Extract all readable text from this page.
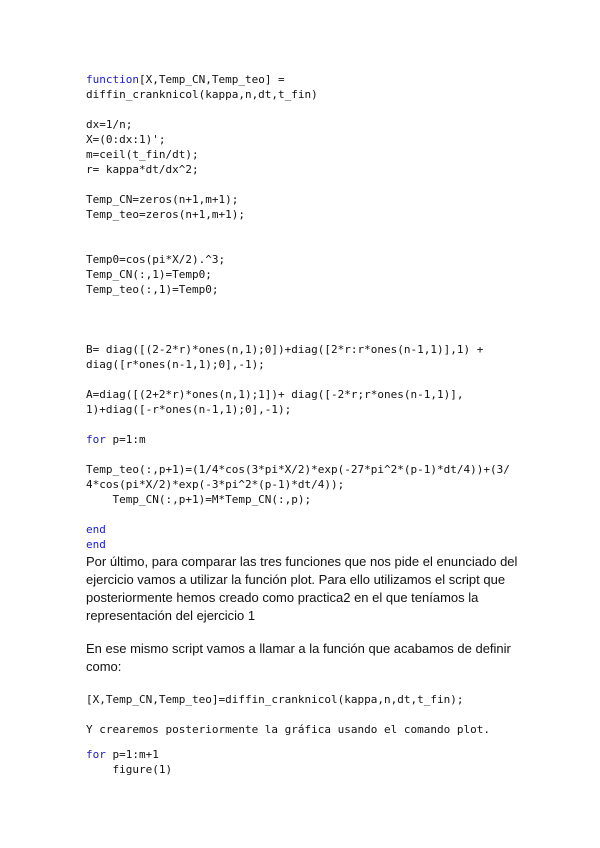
function[X,Temp_CN,Temp_teo] =
diffin_cranknicol(kappa,n,dt,t_fin)
dx=1/n;
X=(0:dx:1)';
m=ceil(t_fin/dt);
r= kappa*dt/dx^2;
Temp_CN=zeros(n+1,m+1);
Temp_teo=zeros(n+1,m+1);
Temp0=cos(pi*X/2).^3;
Temp_CN(:,1)=Temp0;
Temp_teo(:,1)=Temp0;
B= diag([(2-2*r)*ones(n,1);0])+diag([2*r:r*ones(n-1,1)],1) +
diag([r*ones(n-1,1);0],-1);
A=diag([(2+2*r)*ones(n,1);1])+ diag([-2*r;r*ones(n-1,1)],
1)+diag([-r*ones(n-1,1);0],-1);
for p=1:m
Temp_teo(:,p+1)=(1/4*cos(3*pi*X/2)*exp(-27*pi^2*(p-1)*dt/4))+(3/
4*cos(pi*X/2)*exp(-3*pi^2*(p-1)*dt/4));
Temp_CN(:,p+1)=M*Temp_CN(:,p);
end
end

Por último, para comparar las tres funciones que nos pide el enunciado del ejercicio vamos a utilizar la función plot. Para ello utilizamos el script que posteriormente hemos creado como practica2 en el que teníamos la representación del ejercicio 1

En ese mismo script vamos a llamar a la función que acabamos de definir como:

[X,Temp_CN,Temp_teo]=diffin_cranknicol(kappa,n,dt,t_fin);
Y crearemos posteriormente la gráfica usando el comando plot.
for p=1:m+1
figure(1)
